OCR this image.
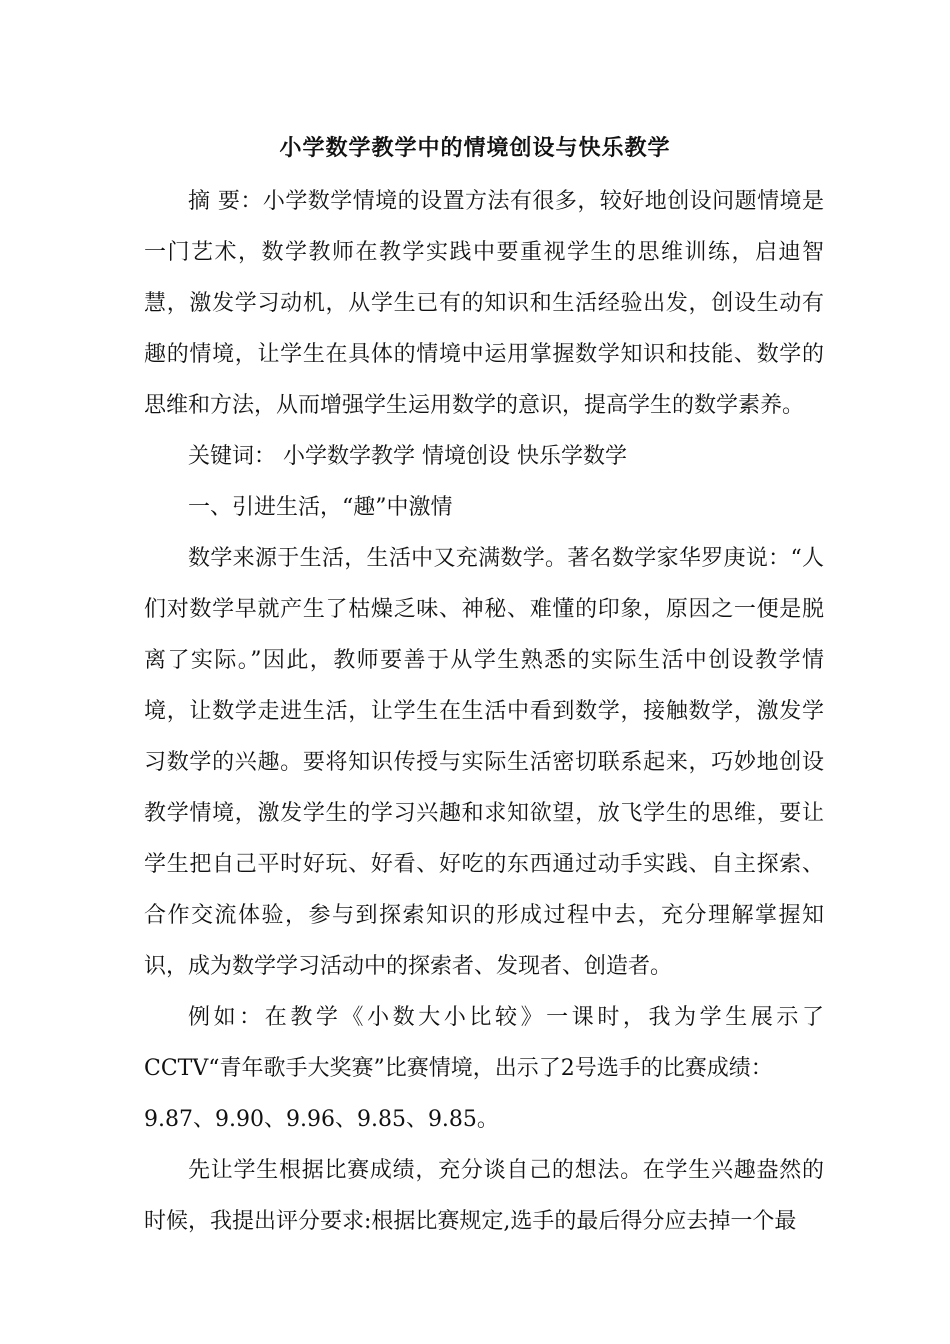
小学数学教学中的情境创设与快乐教学

摘 要：小学数学情境的设置方法有很多，较好地创设问题情境是一门艺术，数学教师在教学实践中要重视学生的思维训练，启迪智慧，激发学习动机，从学生已有的知识和生活经验出发，创设生动有趣的情境，让学生在具体的情境中运用掌握数学知识和技能、数学的思维和方法，从而增强学生运用数学的意识，提高学生的数学素养。

关键词： 小学数学教学 情境创设 快乐学数学

一、引进生活，“趣”中激情

数学来源于生活，生活中又充满数学。著名数学家华罗庚说：“人们对数学早就产生了枯燥乏味、神秘、难懂的印象，原因之一便是脱离了实际。”因此，教师要善于从学生熟悉的实际生活中创设教学情境，让数学走进生活，让学生在生活中看到数学，接触数学，激发学习数学的兴趣。要将知识传授与实际生活密切联系起来，巧妙地创设教学情境，激发学生的学习兴趣和求知欲望，放飞学生的思维，要让学生把自己平时好玩、好看、好吃的东西通过动手实践、自主探索、合作交流体验，参与到探索知识的形成过程中去，充分理解掌握知识，成为数学学习活动中的探索者、发现者、创造者。

例如：在教学《小数大小比较》一课时，我为学生展示了CCTV“青年歌手大奖赛”比赛情境，出示了2号选手的比赛成绩：

9.87、9.90、9.96、9.85、9.85。

先让学生根据比赛成绩，充分谈自己的想法。在学生兴趣盎然的时候，我提出评分要求:根据比赛规定,选手的最后得分应去掉一个最
